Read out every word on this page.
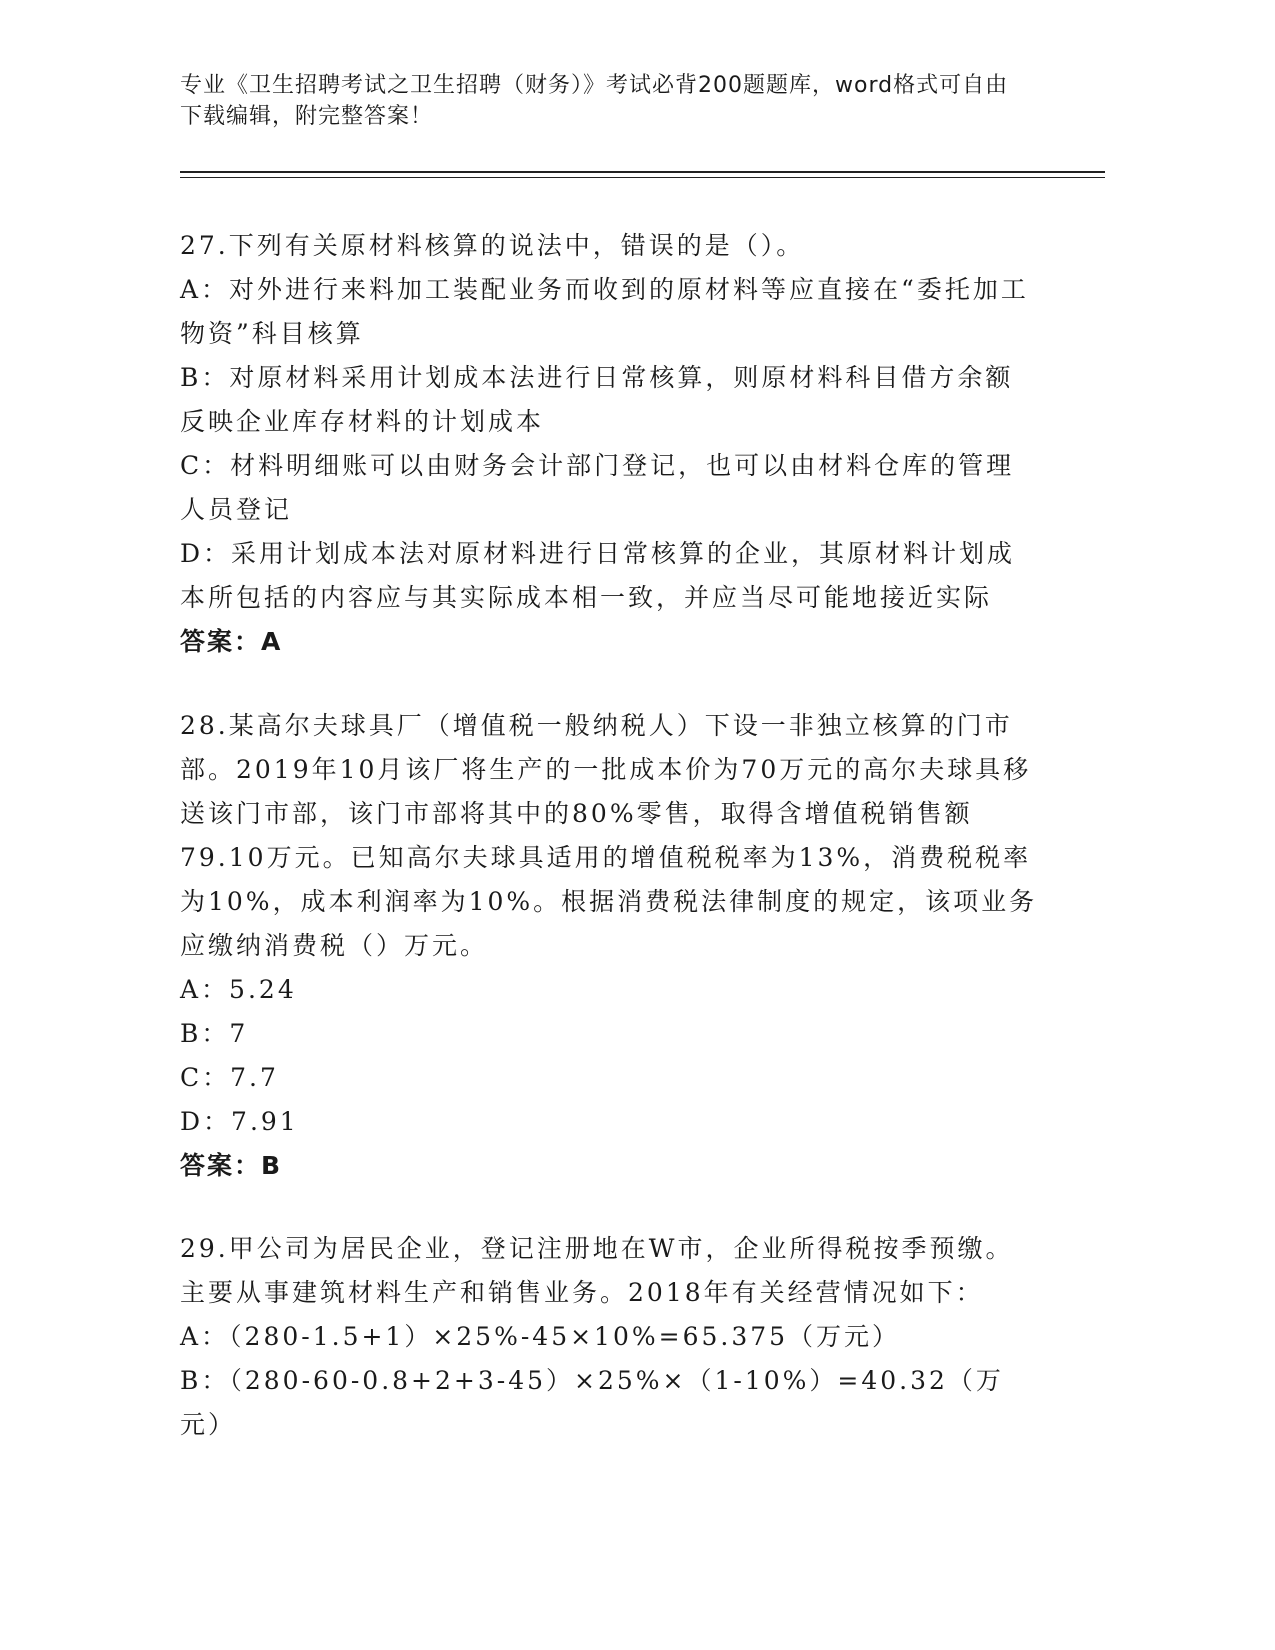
专业《卫生招聘考试之卫生招聘（财务）》考试必背200题题库，word格式可自由下载编辑，附完整答案！

27.下列有关原材料核算的说法中，错误的是（）。

A：对外进行来料加工装配业务而收到的原材料等应直接在“委托加工物资”科目核算

B：对原材料采用计划成本法进行日常核算，则原材料科目借方余额反映企业库存材料的计划成本

C：材料明细账可以由财务会计部门登记，也可以由材料仓库的管理人员登记

D：采用计划成本法对原材料进行日常核算的企业，其原材料计划成本所包括的内容应与其实际成本相一致，并应当尽可能地接近实际

答案：A

28.某高尔夫球具厂（增值税一般纳税人）下设一非独立核算的门市部。2019年10月该厂将生产的一批成本价为70万元的高尔夫球具移送该门市部，该门市部将其中的80%零售，取得含增值税销售额79.10万元。已知高尔夫球具适用的增值税税率为13%，消费税税率为10%，成本利润率为10%。根据消费税法律制度的规定，该项业务应缴纳消费税（）万元。

A：5.24

B：7

C：7.7

D：7.91

答案：B

29.甲公司为居民企业，登记注册地在W市，企业所得税按季预缴。主要从事建筑材料生产和销售业务。2018年有关经营情况如下：

A：（280-1.5+1）×25%-45×10%=65.375（万元）

B：（280-60-0.8+2+3-45）×25%×（1-10%）=40.32（万元）
